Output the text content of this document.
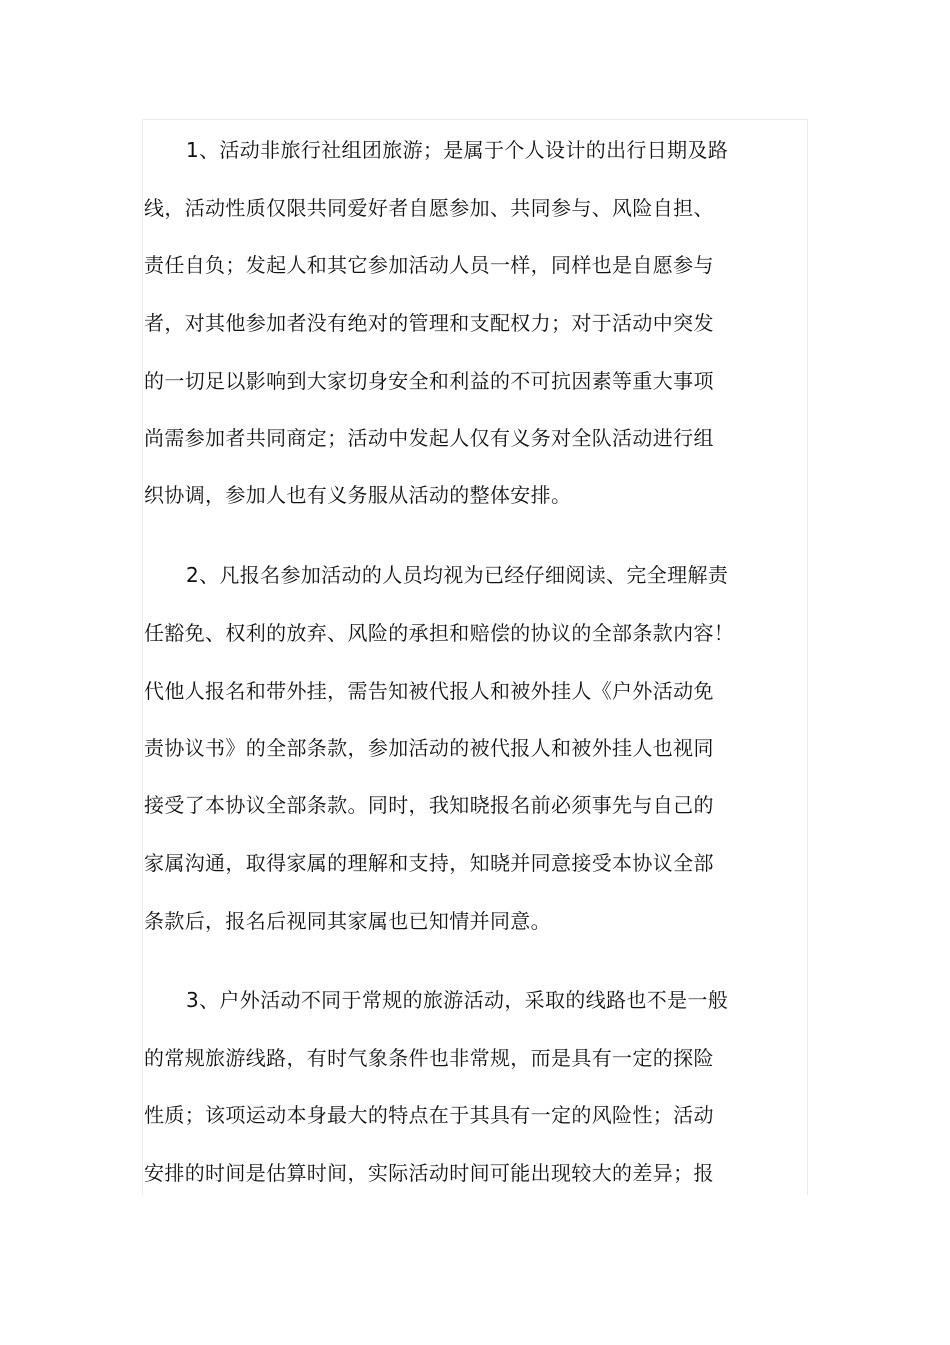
1、活动非旅行社组团旅游；是属于个人设计的出行日期及路
线，活动性质仅限共同爱好者自愿参加、共同参与、风险自担、
责任自负；发起人和其它参加活动人员一样，同样也是自愿参与
者，对其他参加者没有绝对的管理和支配权力；对于活动中突发
的一切足以影响到大家切身安全和利益的不可抗因素等重大事项
尚需参加者共同商定；活动中发起人仅有义务对全队活动进行组
织协调，参加人也有义务服从活动的整体安排。
2、凡报名参加活动的人员均视为已经仔细阅读、完全理解责
任豁免、权利的放弃、风险的承担和赔偿的协议的全部条款内容！
代他人报名和带外挂，需告知被代报人和被外挂人《户外活动免
责协议书》的全部条款，参加活动的被代报人和被外挂人也视同
接受了本协议全部条款。同时，我知晓报名前必须事先与自己的
家属沟通，取得家属的理解和支持，知晓并同意接受本协议全部
条款后，报名后视同其家属也已知情并同意。
3、户外活动不同于常规的旅游活动，采取的线路也不是一般
的常规旅游线路，有时气象条件也非常规，而是具有一定的探险
性质；该项运动本身最大的特点在于其具有一定的风险性；活动
安排的时间是估算时间，实际活动时间可能出现较大的差异；报
